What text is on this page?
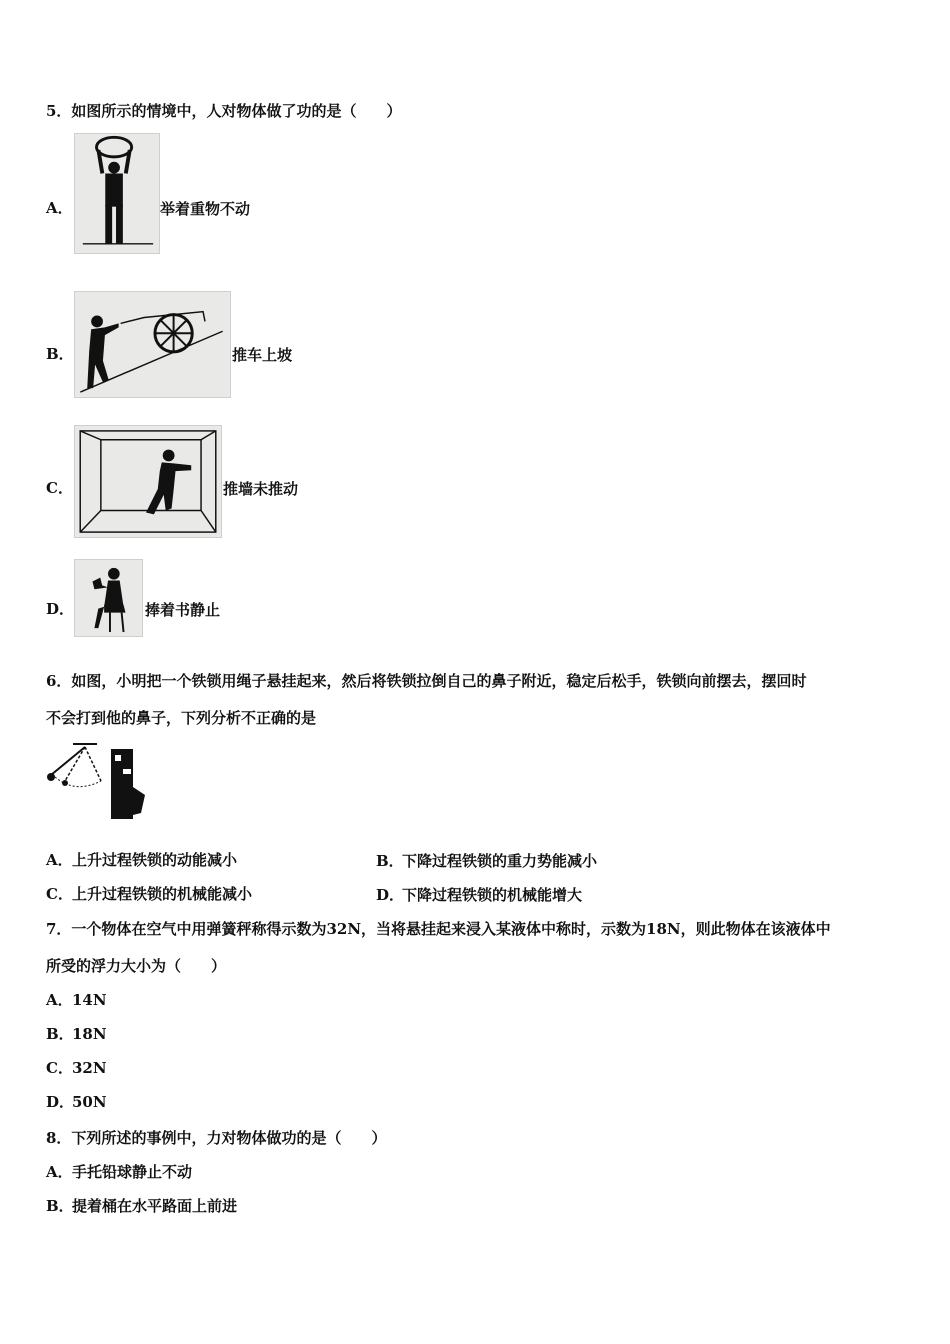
5．如图所示的情境中，人对物体做了功的是（　　）
A．	举着重物不动
B．	推车上坡
C．	推墙未推动
D．	捧着书静止
6．如图，小明把一个铁锁用绳子悬挂起来，然后将铁锁拉倒自己的鼻子附近，稳定后松手，铁锁向前摆去，摆回时
不会打到他的鼻子，下列分析不正确的是
A．上升过程铁锁的动能减小	B．下降过程铁锁的重力势能减小
C．上升过程铁锁的机械能减小	D．下降过程铁锁的机械能增大
7．一个物体在空气中用弹簧秤称得示数为32N，当将悬挂起来浸入某液体中称时，示数为18N，则此物体在该液体中
所受的浮力大小为（　　）
A．14N
B．18N
C．32N
D．50N
8．下列所述的事例中，力对物体做功的是（　　）
A．手托铅球静止不动
B．提着桶在水平路面上前进
